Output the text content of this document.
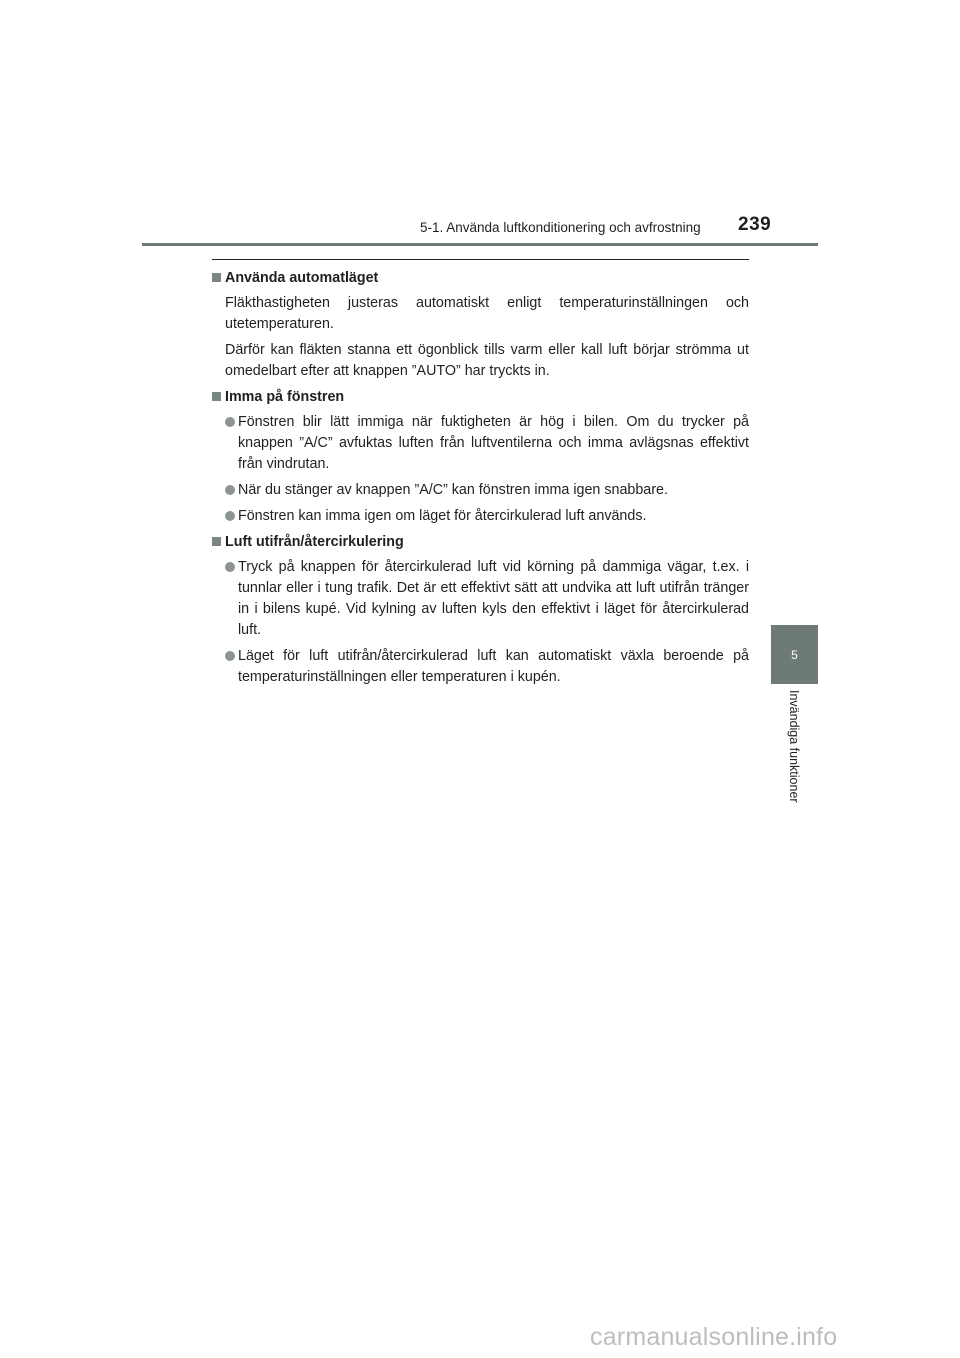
5-1. Använda luftkonditionering och avfrostning 239
Använda automatläget

Fläkthastigheten justeras automatiskt enligt temperaturinställningen och utetemperaturen.

Därför kan fläkten stanna ett ögonblick tills varm eller kall luft börjar strömma ut omedelbart efter att knappen ”AUTO” har tryckts in.

Imma på fönstren
Fönstren blir lätt immiga när fuktigheten är hög i bilen. Om du trycker på knappen ”A/C” avfuktas luften från luftventilerna och imma avlägsnas effektivt från vindrutan.
När du stänger av knappen ”A/C” kan fönstren imma igen snabbare.
Fönstren kan imma igen om läget för återcirkulerad luft används.
Luft utifrån/återcirkulering
Tryck på knappen för återcirkulerad luft vid körning på dammiga vägar, t.ex. i tunnlar eller i tung trafik. Det är ett effektivt sätt att undvika att luft utifrån tränger in i bilens kupé. Vid kylning av luften kyls den effektivt i läget för återcirkulerad luft.
Läget för luft utifrån/återcirkulerad luft kan automatiskt växla beroende på temperaturinställningen eller temperaturen i kupén.
5
Invändiga funktioner
carmanualsonline.info
